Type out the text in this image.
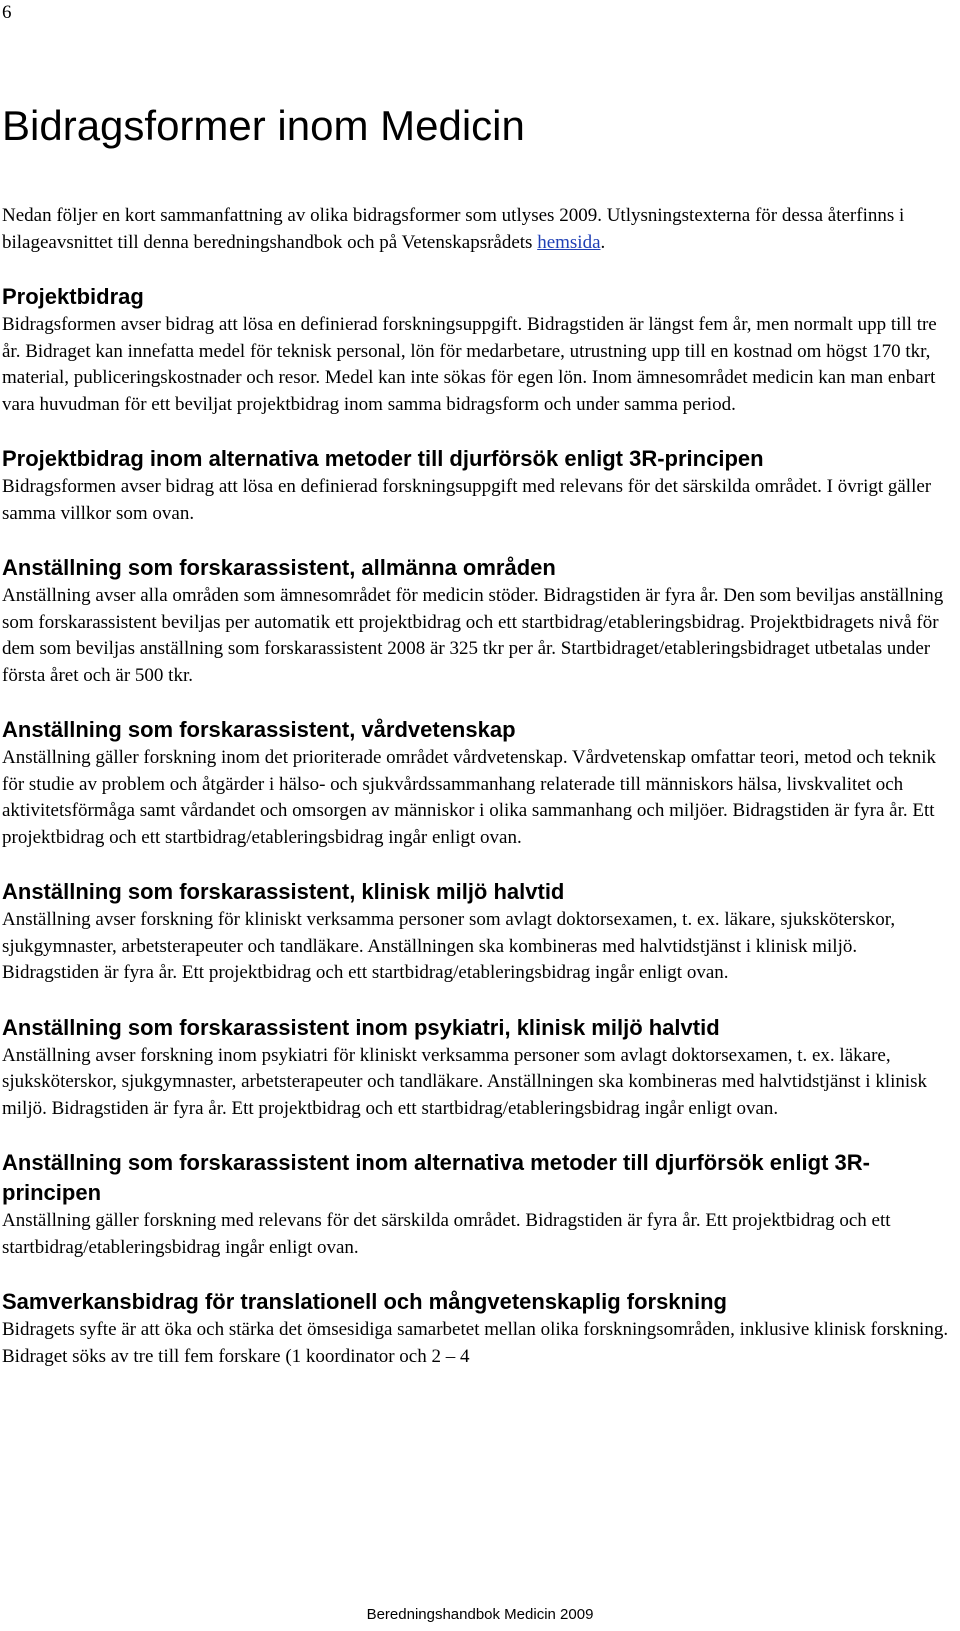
6
Bidragsformer inom Medicin

Nedan följer en kort sammanfattning av olika bidragsformer som utlyses 2009. Utlysningstexterna för dessa återfinns i bilageavsnittet till denna beredningshandbok och på Vetenskapsrådets hemsida.

Projektbidrag

Bidragsformen avser bidrag att lösa en definierad forskningsuppgift. Bidragstiden är längst fem år, men normalt upp till tre år. Bidraget kan innefatta medel för teknisk personal, lön för medarbetare, utrustning upp till en kostnad om högst 170 tkr, material, publiceringskostnader och resor. Medel kan inte sökas för egen lön. Inom ämnesområdet medicin kan man enbart vara huvudman för ett beviljat projektbidrag inom samma bidragsform och under samma period.

Projektbidrag inom alternativa metoder till djurförsök enligt 3R-principen

Bidragsformen avser bidrag att lösa en definierad forskningsuppgift med relevans för det särskilda området. I övrigt gäller samma villkor som ovan.

Anställning som forskarassistent, allmänna områden

Anställning avser alla områden som ämnesområdet för medicin stöder. Bidragstiden är fyra år. Den som beviljas anställning som forskarassistent beviljas per automatik ett projektbidrag och ett startbidrag/etableringsbidrag. Projektbidragets nivå för dem som beviljas anställning som forskarassistent 2008 är 325 tkr per år. Startbidraget/etableringsbidraget utbetalas under första året och är 500 tkr.

Anställning som forskarassistent, vårdvetenskap

Anställning gäller forskning inom det prioriterade området vårdvetenskap. Vårdvetenskap omfattar teori, metod och teknik för studie av problem och åtgärder i hälso- och sjukvårdssammanhang relaterade till människors hälsa, livskvalitet och aktivitetsförmåga samt vårdandet och omsorgen av människor i olika sammanhang och miljöer. Bidragstiden är fyra år. Ett projektbidrag och ett startbidrag/etableringsbidrag ingår enligt ovan.

Anställning som forskarassistent, klinisk miljö halvtid

Anställning avser forskning för kliniskt verksamma personer som avlagt doktorsexamen, t. ex. läkare, sjuksköterskor, sjukgymnaster, arbetsterapeuter och tandläkare. Anställningen ska kombineras med halvtidstjänst i klinisk miljö. Bidragstiden är fyra år. Ett projektbidrag och ett startbidrag/etableringsbidrag ingår enligt ovan.

Anställning som forskarassistent inom psykiatri, klinisk miljö halvtid

Anställning avser forskning inom psykiatri för kliniskt verksamma personer som avlagt doktorsexamen, t. ex. läkare, sjuksköterskor, sjukgymnaster, arbetsterapeuter och tandläkare. Anställningen ska kombineras med halvtidstjänst i klinisk miljö. Bidragstiden är fyra år. Ett projektbidrag och ett startbidrag/etableringsbidrag ingår enligt ovan.

Anställning som forskarassistent inom alternativa metoder till djurförsök enligt 3R-principen

Anställning gäller forskning med relevans för det särskilda området. Bidragstiden är fyra år. Ett projektbidrag och ett startbidrag/etableringsbidrag ingår enligt ovan.

Samverkansbidrag för translationell och mångvetenskaplig forskning

Bidragets syfte är att öka och stärka det ömsesidiga samarbetet mellan olika forskningsområden, inklusive klinisk forskning. Bidraget söks av tre till fem forskare (1 koordinator och 2 – 4

Beredningshandbok Medicin 2009
